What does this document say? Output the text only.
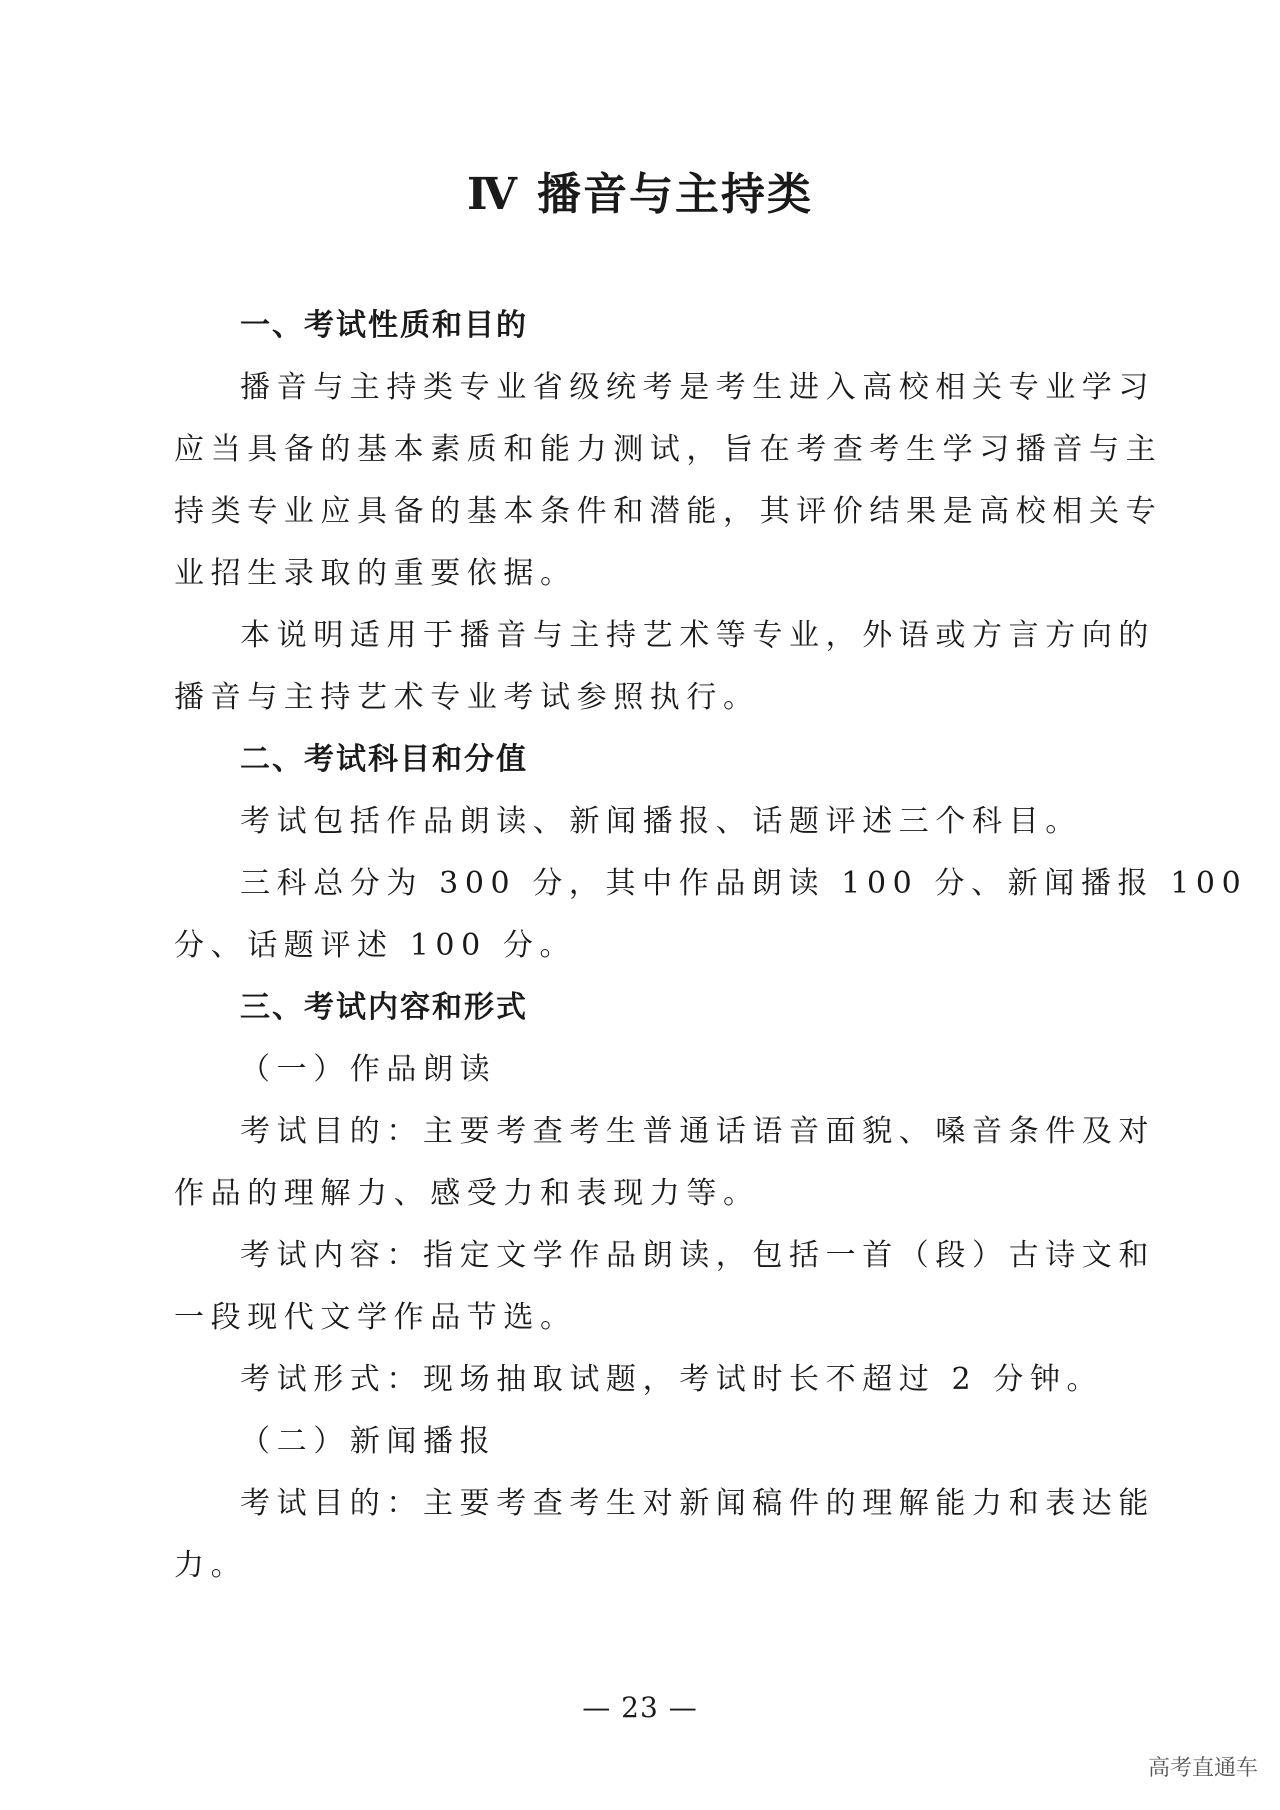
Ⅳ 播音与主持类
一、考试性质和目的
播音与主持类专业省级统考是考生进入高校相关专业学习
应当具备的基本素质和能力测试，旨在考查考生学习播音与主
持类专业应具备的基本条件和潜能，其评价结果是高校相关专
业招生录取的重要依据。
本说明适用于播音与主持艺术等专业，外语或方言方向的
播音与主持艺术专业考试参照执行。
二、考试科目和分值
考试包括作品朗读、新闻播报、话题评述三个科目。
三科总分为 300 分，其中作品朗读 100 分、新闻播报 100
分、话题评述 100 分。
三、考试内容和形式
（一）作品朗读
考试目的：主要考查考生普通话语音面貌、嗓音条件及对
作品的理解力、感受力和表现力等。
考试内容：指定文学作品朗读，包括一首（段）古诗文和
一段现代文学作品节选。
考试形式：现场抽取试题，考试时长不超过 2 分钟。
（二）新闻播报
考试目的：主要考查考生对新闻稿件的理解能力和表达能
力。
— 23 —
高考直通车
